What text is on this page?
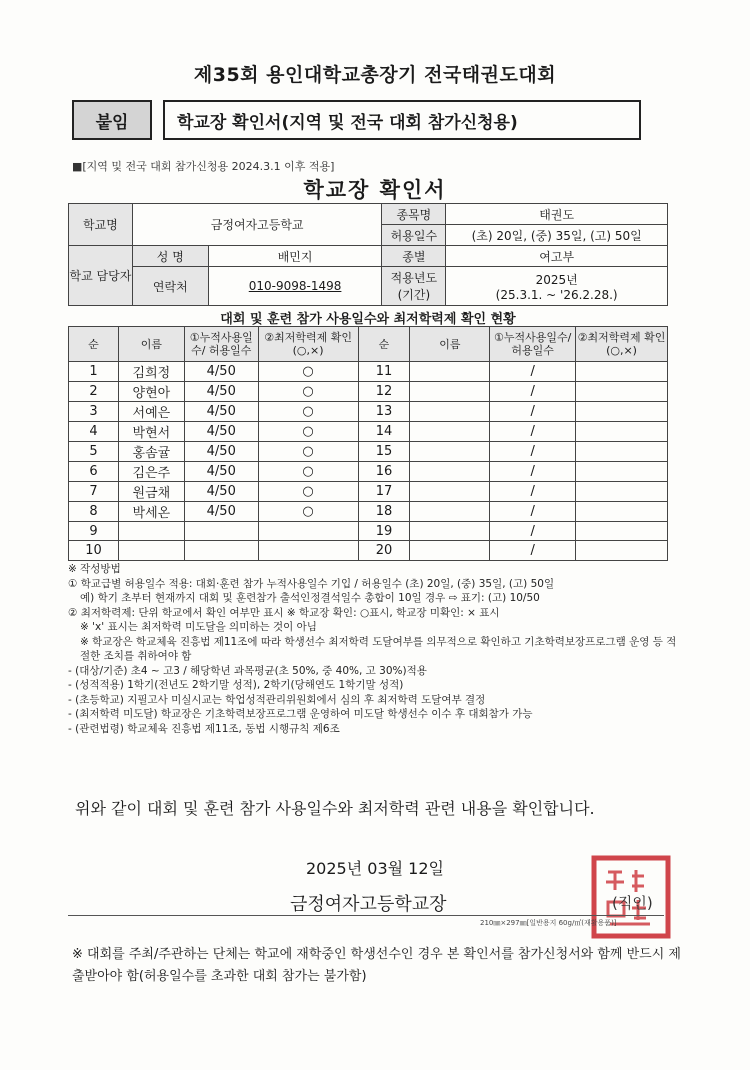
제35회 용인대학교총장기 전국태권도대회
붙임	학교장 확인서(지역 및 전국 대회 참가신청용)
■[지역 및 전국 대회 참가신청용 2024.3.1 이후 적용]
학교장 확인서
학교명	금정여자고등학교		종목명	태권도
			허용일수	(초) 20일, (중) 35일, (고) 50일
학교 담당자	성 명	배민지	종별	여고부
	연락처	010-9098-1498	적용년도 (기간)	2025년
(25.3.1. ~ '26.2.28.)
대회 및 훈련 참가 사용일수와 최저학력제 확인 현황
순	이름	①누적사용일수/ 허용일수	②최저학력제 확인(○,×)	순	이름	①누적사용일수/ 허용일수	②최저학력제 확인(○,×)
1	김희정	4/50	○	11		/	
2	양현아	4/50	○	12		/	
3	서예은	4/50	○	13		/	
4	박현서	4/50	○	14		/	
5	홍솜귤	4/50	○	15		/	
6	김은주	4/50	○	16		/	
7	원금채	4/50	○	17		/	
8	박세온	4/50	○	18		/	
9				19		/	
10				20		/	
※ 작성방법
① 학교급별 허용일수 적용: 대회·훈련 참가 누적사용일수 기입 / 허용일수 (초) 20일, (중) 35일, (고) 50일
예) 학기 초부터 현재까지 대회 및 훈련참가 출석인정결석일수 총합이 10일 경우 ⇨ 표기: (고) 10/50
② 최저학력제: 단위 학교에서 확인 여부만 표시 ※ 학교장 확인: ○표시, 학교장 미확인: × 표시
※ 'x' 표시는 최저학력 미도달을 의미하는 것이 아님
※ 학교장은 학교체육 진흥법 제11조에 따라 학생선수 최저학력 도달여부를 의무적으로 확인하고 기초학력보장프로그램 운영 등 적절한 조치를 취하여야 함
- (대상/기준) 초4 ~ 고3 / 해당학년 과목평균(초 50%, 중 40%, 고 30%)적용
- (성적적용) 1학기(전년도 2학기말 성적), 2학기(당해연도 1학기말 성적)
- (초등학교) 지필고사 미실시교는 학업성적관리위원회에서 심의 후 최저학력 도달여부 결정
- (최저학력 미도달) 학교장은 기초학력보장프로그램 운영하여 미도달 학생선수 이수 후 대회참가 가능
- (관련법령) 학교체육 진흥법 제11조, 동법 시행규칙 제6조
위와 같이 대회 및 훈련 참가 사용일수와 최저학력 관련 내용을 확인합니다.
2025년 03월 12일
금정여자고등학교장	(직인)
210㎜×297㎜[일반용지 60g/㎡(재활용품)]
※ 대회를 주최/주관하는 단체는 학교에 재학중인 학생선수인 경우 본 확인서를 참가신청서와 함께 반드시 제출받아야 함(허용일수를 초과한 대회 참가는 불가함)
